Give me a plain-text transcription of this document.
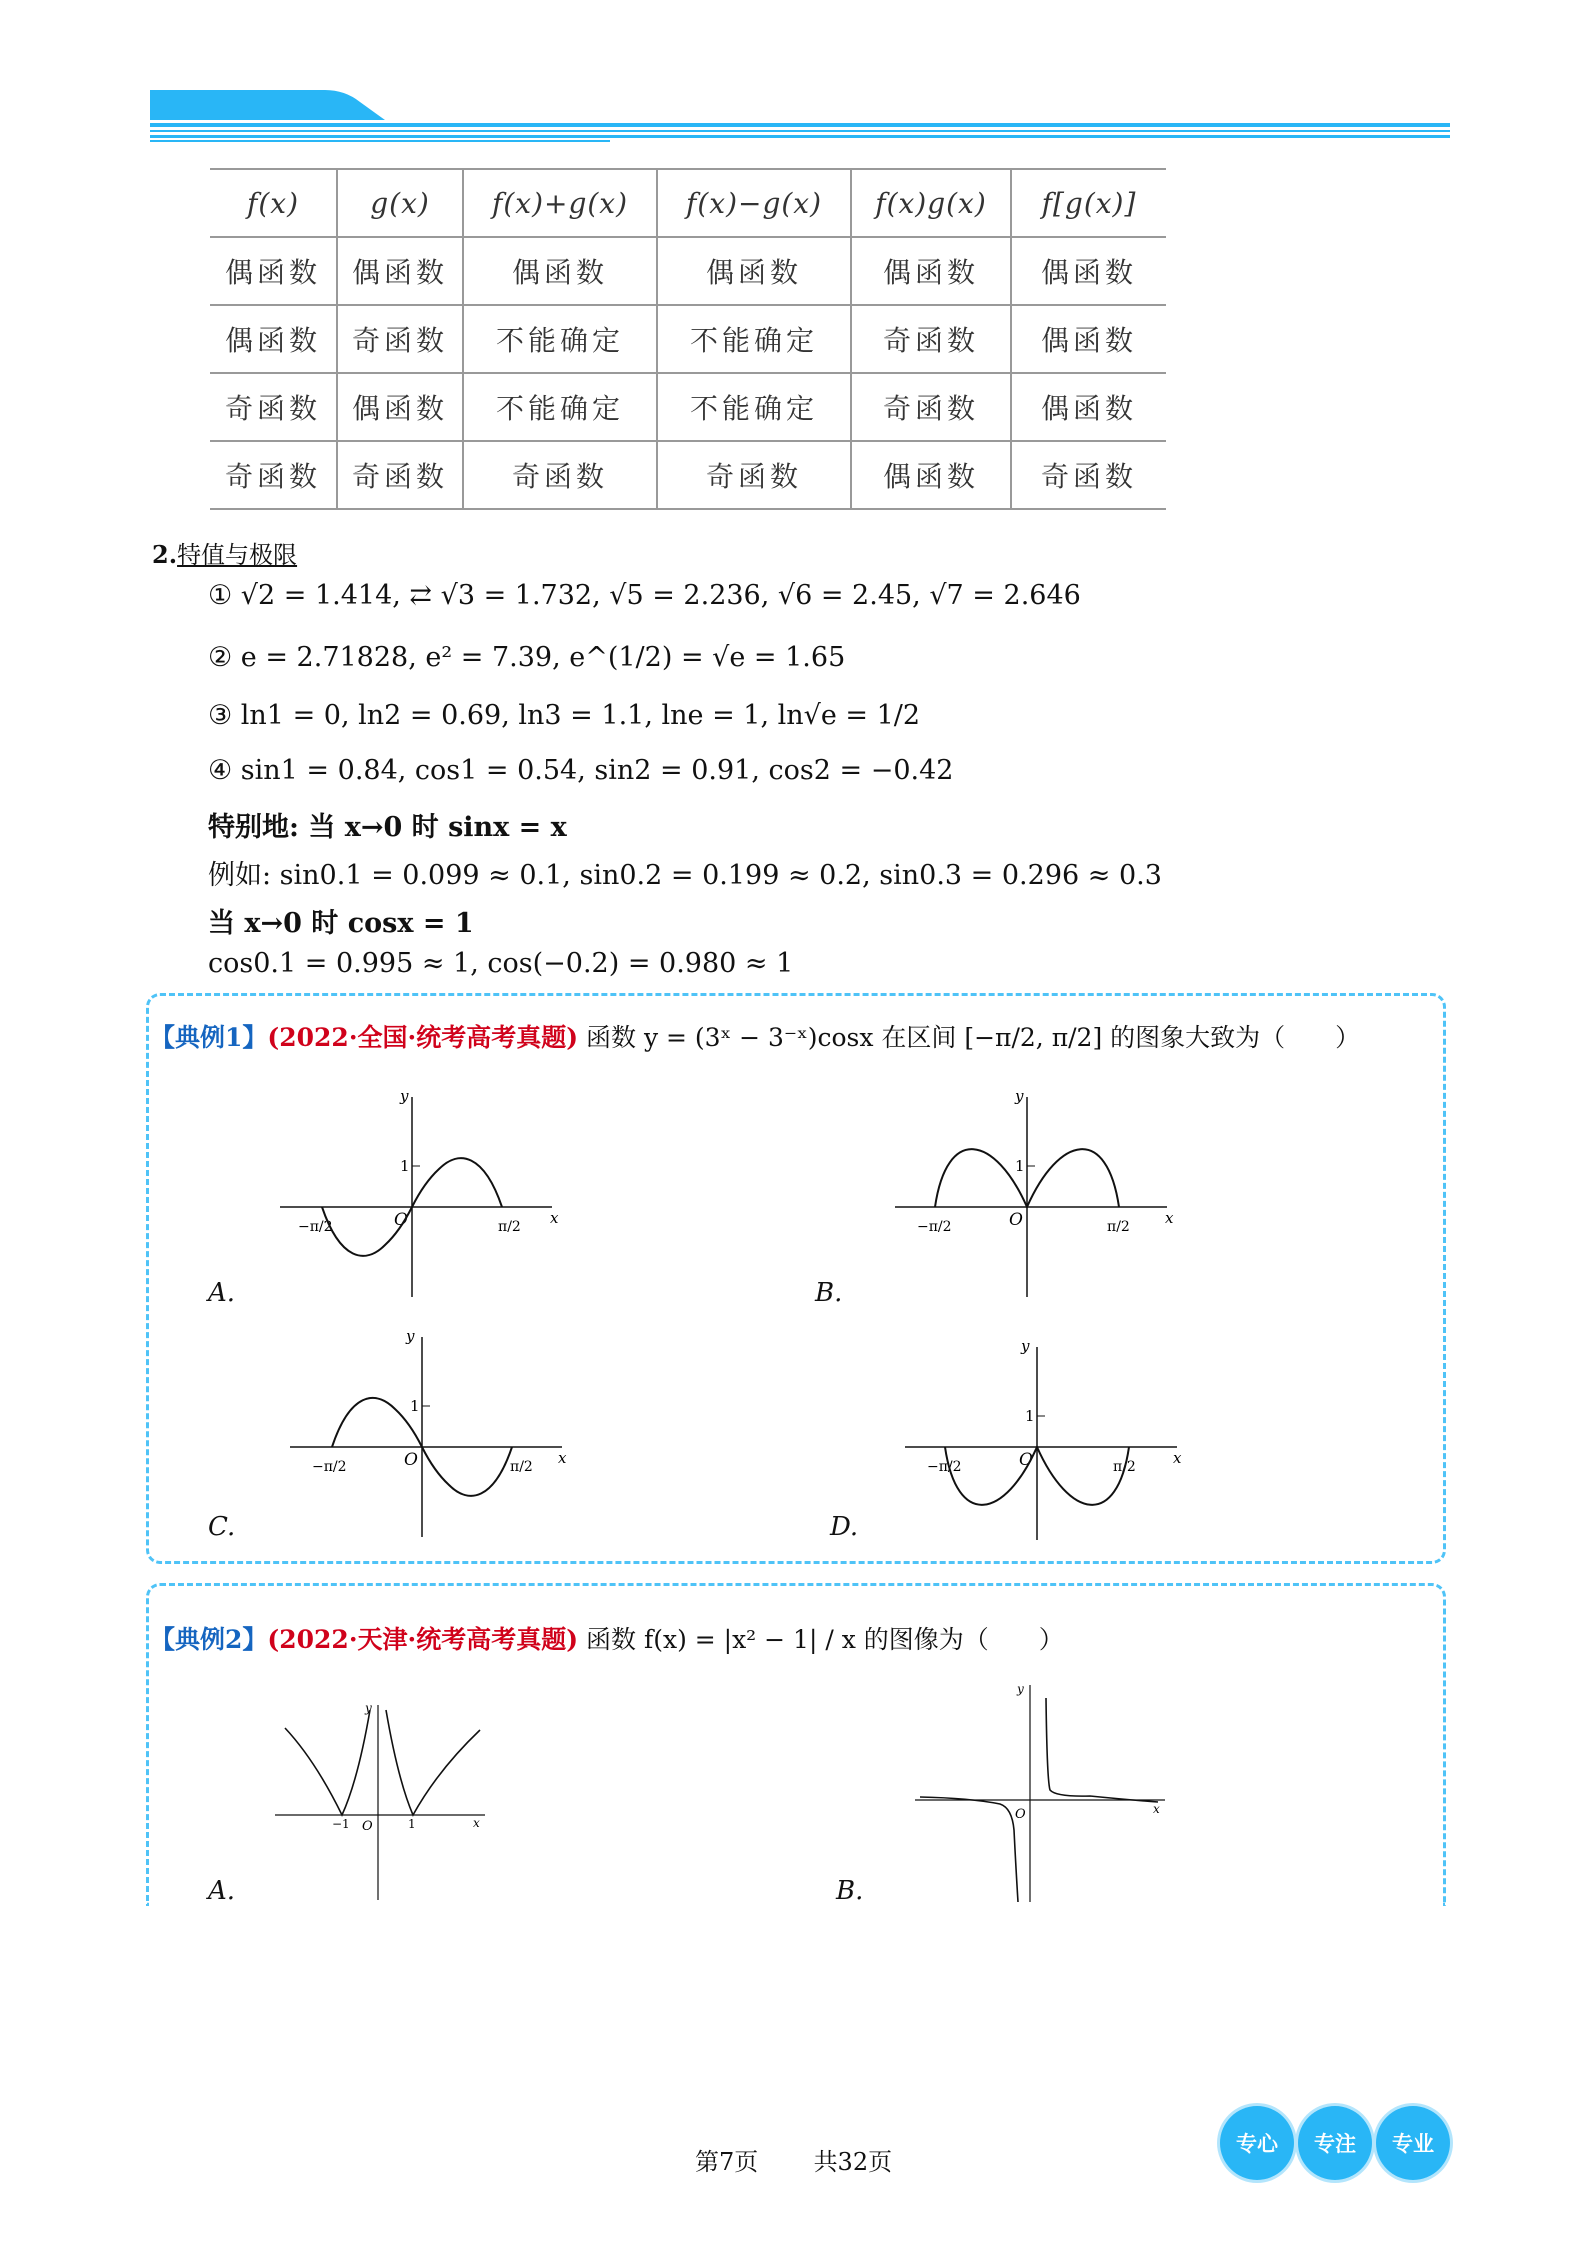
f(x)	g(x)	f(x)+g(x)	f(x)−g(x)	f(x)g(x)	f[g(x)]
偶函数	偶函数	偶函数	偶函数	偶函数	偶函数
偶函数	奇函数	不能确定	不能确定	奇函数	偶函数
奇函数	偶函数	不能确定	不能确定	奇函数	偶函数
奇函数	奇函数	奇函数	奇函数	偶函数	奇函数
2.特值与极限
① √2 = 1.414, ⇄ √3 = 1.732, √5 = 2.236, √6 = 2.45, √7 = 2.646
② e = 2.71828, e² = 7.39, e^(1/2) = √e = 1.65
③ ln1 = 0, ln2 = 0.69, ln3 = 1.1, lne = 1, ln√e = 1/2
④ sin1 = 0.84, cos1 = 0.54, sin2 = 0.91, cos2 = −0.42
特别地: 当 x→0 时 sinx = x
例如: sin0.1 = 0.099 ≈ 0.1, sin0.2 = 0.199 ≈ 0.2, sin0.3 = 0.296 ≈ 0.3
当 x→0 时 cosx = 1
cos0.1 = 0.995 ≈ 1, cos(−0.2) = 0.980 ≈ 1
【典例1】(2022·全国·统考高考真题) 函数 y = (3ˣ − 3⁻ˣ)cosx 在区间 [−π/2, π/2] 的图象大致为（　　）
x
y
O
1
−π/2	π/2
A.
x
y
O
1
−π/2	π/2
B.
x
y
O
1
−π/2	π/2
C.
x
y
O
1
−π/2	π/2
D.
【典例2】(2022·天津·统考高考真题) 函数 f(x) = |x² − 1| / x 的图像为（　　）
x
y
O
−1	1
A.
x
y
O
B.
第7页 共32页
专心	专注	专业
